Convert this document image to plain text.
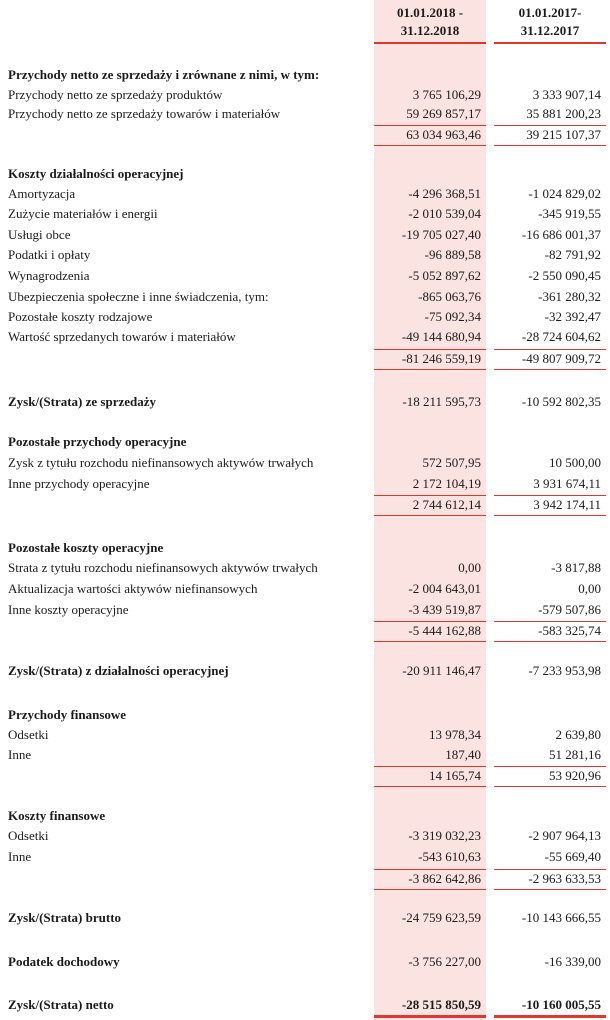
01.01.2018 -
31.12.2018
01.01.2017-
31.12.2017
Przychody netto ze sprzedaży i zrównane z nimi, w tym:
Przychody netto ze sprzedaży produktów	3 765 106,29	3 333 907,14
Przychody netto ze sprzedaży towarów i materiałów	59 269 857,17	35 881 200,23
63 034 963,46	39 215 107,37
Koszty działalności operacyjnej
Amortyzacja	-4 296 368,51	-1 024 829,02
Zużycie materiałów i energii	-2 010 539,04	-345 919,55
Usługi obce	-19 705 027,40	-16 686 001,37
Podatki i opłaty	-96 889,58	-82 791,92
Wynagrodzenia	-5 052 897,62	-2 550 090,45
Ubezpieczenia społeczne i inne świadczenia, tym:	-865 063,76	-361 280,32
Pozostałe koszty rodzajowe	-75 092,34	-32 392,47
Wartość sprzedanych towarów i materiałów	-49 144 680,94	-28 724 604,62
-81 246 559,19	-49 807 909,72
Zysk/(Strata) ze sprzedaży	-18 211 595,73	-10 592 802,35
Pozostałe przychody operacyjne
Zysk z tytułu rozchodu niefinansowych aktywów trwałych	572 507,95	10 500,00
Inne przychody operacyjne	2 172 104,19	3 931 674,11
2 744 612,14	3 942 174,11
Pozostałe koszty operacyjne
Strata z tytułu rozchodu niefinansowych aktywów trwałych	0,00	-3 817,88
Aktualizacja wartości aktywów niefinansowych	-2 004 643,01	0,00
Inne koszty operacyjne	-3 439 519,87	-579 507,86
-5 444 162,88	-583 325,74
Zysk/(Strata) z działalności operacyjnej	-20 911 146,47	-7 233 953,98
Przychody finansowe
Odsetki	13 978,34	2 639,80
Inne	187,40	51 281,16
14 165,74	53 920,96
Koszty finansowe
Odsetki	-3 319 032,23	-2 907 964,13
Inne	-543 610,63	-55 669,40
-3 862 642,86	-2 963 633,53
Zysk/(Strata) brutto	-24 759 623,59	-10 143 666,55
Podatek dochodowy	-3 756 227,00	-16 339,00
Zysk/(Strata) netto	-28 515 850,59	-10 160 005,55
